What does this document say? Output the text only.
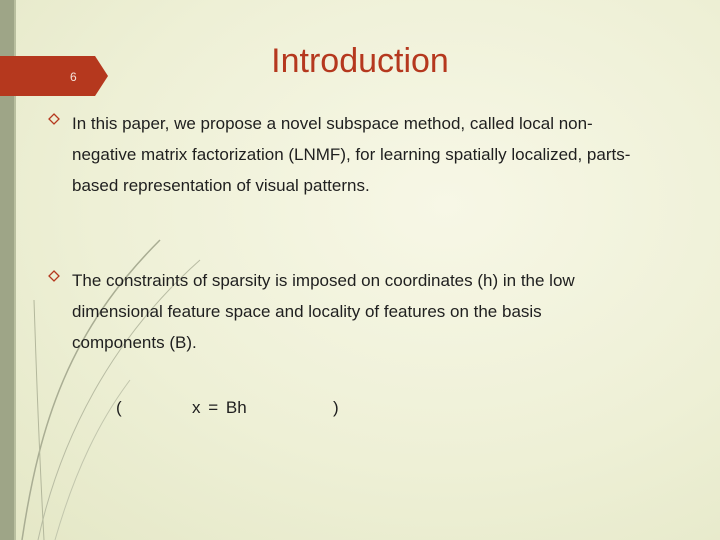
6	Introduction
In this paper, we propose a novel subspace method, called local non-negative matrix factorization (LNMF), for learning spatially localized, parts-based representation of visual patterns.
The constraints of sparsity is imposed on coordinates (h) in the low dimensional feature space and locality of features on the basis components (B).
(	x = Bh	)
